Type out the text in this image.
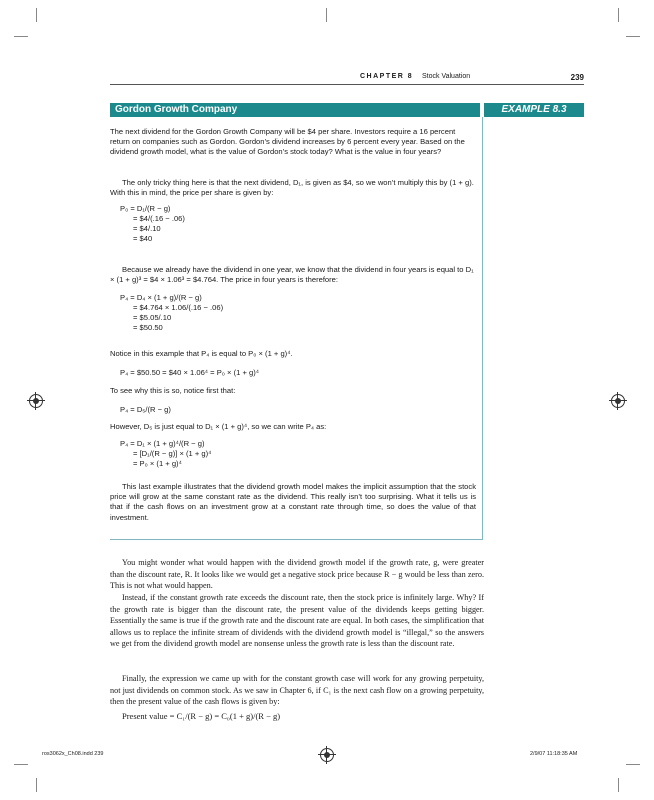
CHAPTER 8 Stock Valuation	239
Gordon Growth Company	EXAMPLE 8.3
The next dividend for the Gordon Growth Company will be $4 per share. Investors require a 16 percent return on companies such as Gordon. Gordon’s dividend increases by 6 percent every year. Based on the dividend growth model, what is the value of Gordon’s stock today? What is the value in four years?
The only tricky thing here is that the next dividend, D₁, is given as $4, so we won’t multiply this by (1 + g). With this in mind, the price per share is given by:
P₀ = D₁/(R − g)
= $4/(.16 − .06)
= $4/.10
= $40
Because we already have the dividend in one year, we know that the dividend in four years is equal to D₁ × (1 + g)³ = $4 × 1.06³ = $4.764. The price in four years is therefore:
P₄ = D₄ × (1 + g)/(R − g)
= $4.764 × 1.06/(.16 − .06)
= $5.05/.10
= $50.50
Notice in this example that P₄ is equal to P₀ × (1 + g)⁴.
P₄ = $50.50 = $40 × 1.06⁴ = P₀ × (1 + g)⁴
To see why this is so, notice first that:
P₄ = D₅/(R − g)
However, D₅ is just equal to D₁ × (1 + g)⁴, so we can write P₄ as:
P₄ = D₁ × (1 + g)⁴/(R − g)
= [D₁/(R − g)] × (1 + g)⁴
= P₀ × (1 + g)⁴
This last example illustrates that the dividend growth model makes the implicit assumption that the stock price will grow at the same constant rate as the dividend. This really isn’t too surprising. What it tells us is that if the cash flows on an investment grow at a constant rate through time, so does the value of that investment.
You might wonder what would happen with the dividend growth model if the growth rate, g, were greater than the discount rate, R. It looks like we would get a negative stock price because R − g would be less than zero. This is not what would happen.
Instead, if the constant growth rate exceeds the discount rate, then the stock price is infinitely large. Why? If the growth rate is bigger than the discount rate, the present value of the dividends keeps getting bigger. Essentially the same is true if the growth rate and the discount rate are equal. In both cases, the simplification that allows us to replace the infinite stream of dividends with the dividend growth model is “illegal,” so the answers we get from the dividend growth model are nonsense unless the growth rate is less than the discount rate.
Finally, the expression we came up with for the constant growth case will work for any growing perpetuity, not just dividends on common stock. As we saw in Chapter 6, if C₁ is the next cash flow on a growing perpetuity, then the present value of the cash flows is given by:
Present value = C₁/(R − g) = C₀(1 + g)/(R − g)
ros3062x_Ch08.indd 239	2/9/07 11:18:35 AM
